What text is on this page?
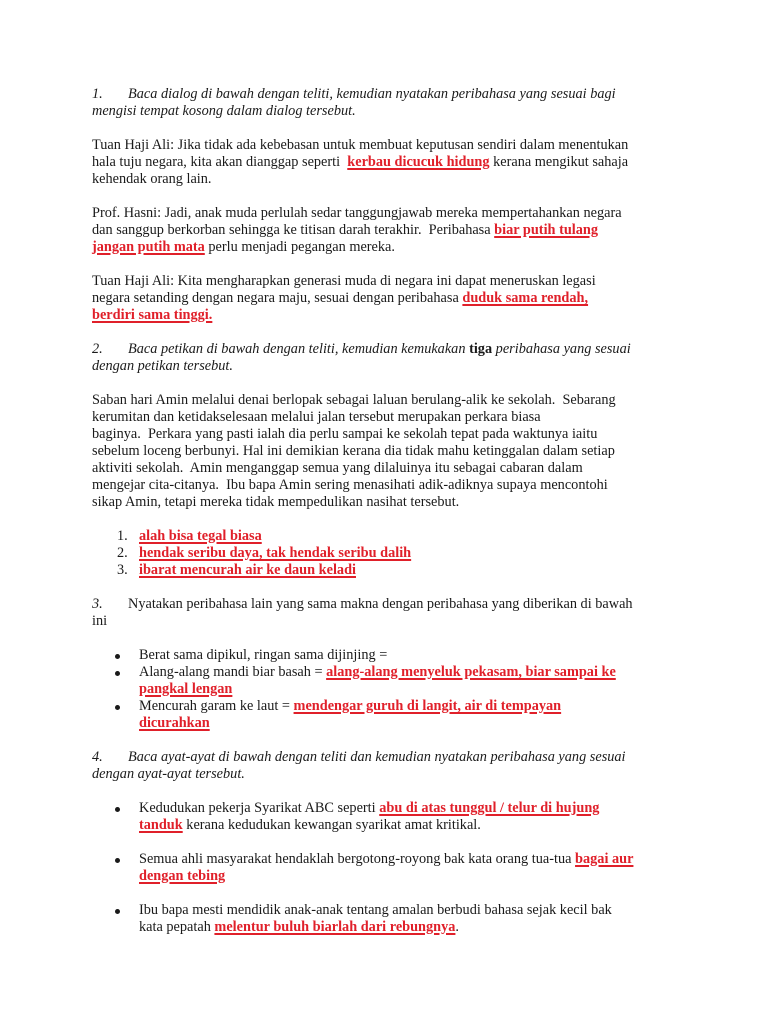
1. Baca dialog di bawah dengan teliti, kemudian nyatakan peribahasa yang sesuai bagi
mengisi tempat kosong dalam dialog tersebut.
Tuan Haji Ali: Jika tidak ada kebebasan untuk membuat keputusan sendiri dalam menentukan
hala tuju negara, kita akan dianggap seperti  kerbau dicucuk hidung kerana mengikut sahaja
kehendak orang lain.
Prof. Hasni: Jadi, anak muda perlulah sedar tanggungjawab mereka mempertahankan negara
dan sanggup berkorban sehingga ke titisan darah terakhir.  Peribahasa biar putih tulang
jangan putih mata perlu menjadi pegangan mereka.
Tuan Haji Ali: Kita mengharapkan generasi muda di negara ini dapat meneruskan legasi
negara setanding dengan negara maju, sesuai dengan peribahasa duduk sama rendah,
berdiri sama tinggi.
2. Baca petikan di bawah dengan teliti, kemudian kemukakan tiga peribahasa yang sesuai
dengan petikan tersebut.
Saban hari Amin melalui denai berlopak sebagai laluan berulang-alik ke sekolah.  Sebarang
kerumitan dan ketidakselesaan melalui jalan tersebut merupakan perkara biasa
baginya.  Perkara yang pasti ialah dia perlu sampai ke sekolah tepat pada waktunya iaitu
sebelum loceng berbunyi. Hal ini demikian kerana dia tidak mahu ketinggalan dalam setiap
aktiviti sekolah.  Amin menganggap semua yang dilaluinya itu sebagai cabaran dalam
mengejar cita-citanya.  Ibu bapa Amin sering menasihati adik-adiknya supaya mencontohi
sikap Amin, tetapi mereka tidak mempedulikan nasihat tersebut.
1. alah bisa tegal biasa
2. hendak seribu daya, tak hendak seribu dalih
3. ibarat mencurah air ke daun keladi
3. Nyatakan peribahasa lain yang sama makna dengan peribahasa yang diberikan di bawah
ini
Berat sama dipikul, ringan sama dijinjing =
Alang-alang mandi biar basah = alang-alang menyeluk pekasam, biar sampai ke
pangkal lengan
Mencurah garam ke laut = mendengar guruh di langit, air di tempayan
dicurahkan
4. Baca ayat-ayat di bawah dengan teliti dan kemudian nyatakan peribahasa yang sesuai
dengan ayat-ayat tersebut.
Kedudukan pekerja Syarikat ABC seperti abu di atas tunggul / telur di hujung
tanduk kerana kedudukan kewangan syarikat amat kritikal.
Semua ahli masyarakat hendaklah bergotong-royong bak kata orang tua-tua bagai aur
dengan tebing
Ibu bapa mesti mendidik anak-anak tentang amalan berbudi bahasa sejak kecil bak
kata pepatah melentur buluh biarlah dari rebungnya.
